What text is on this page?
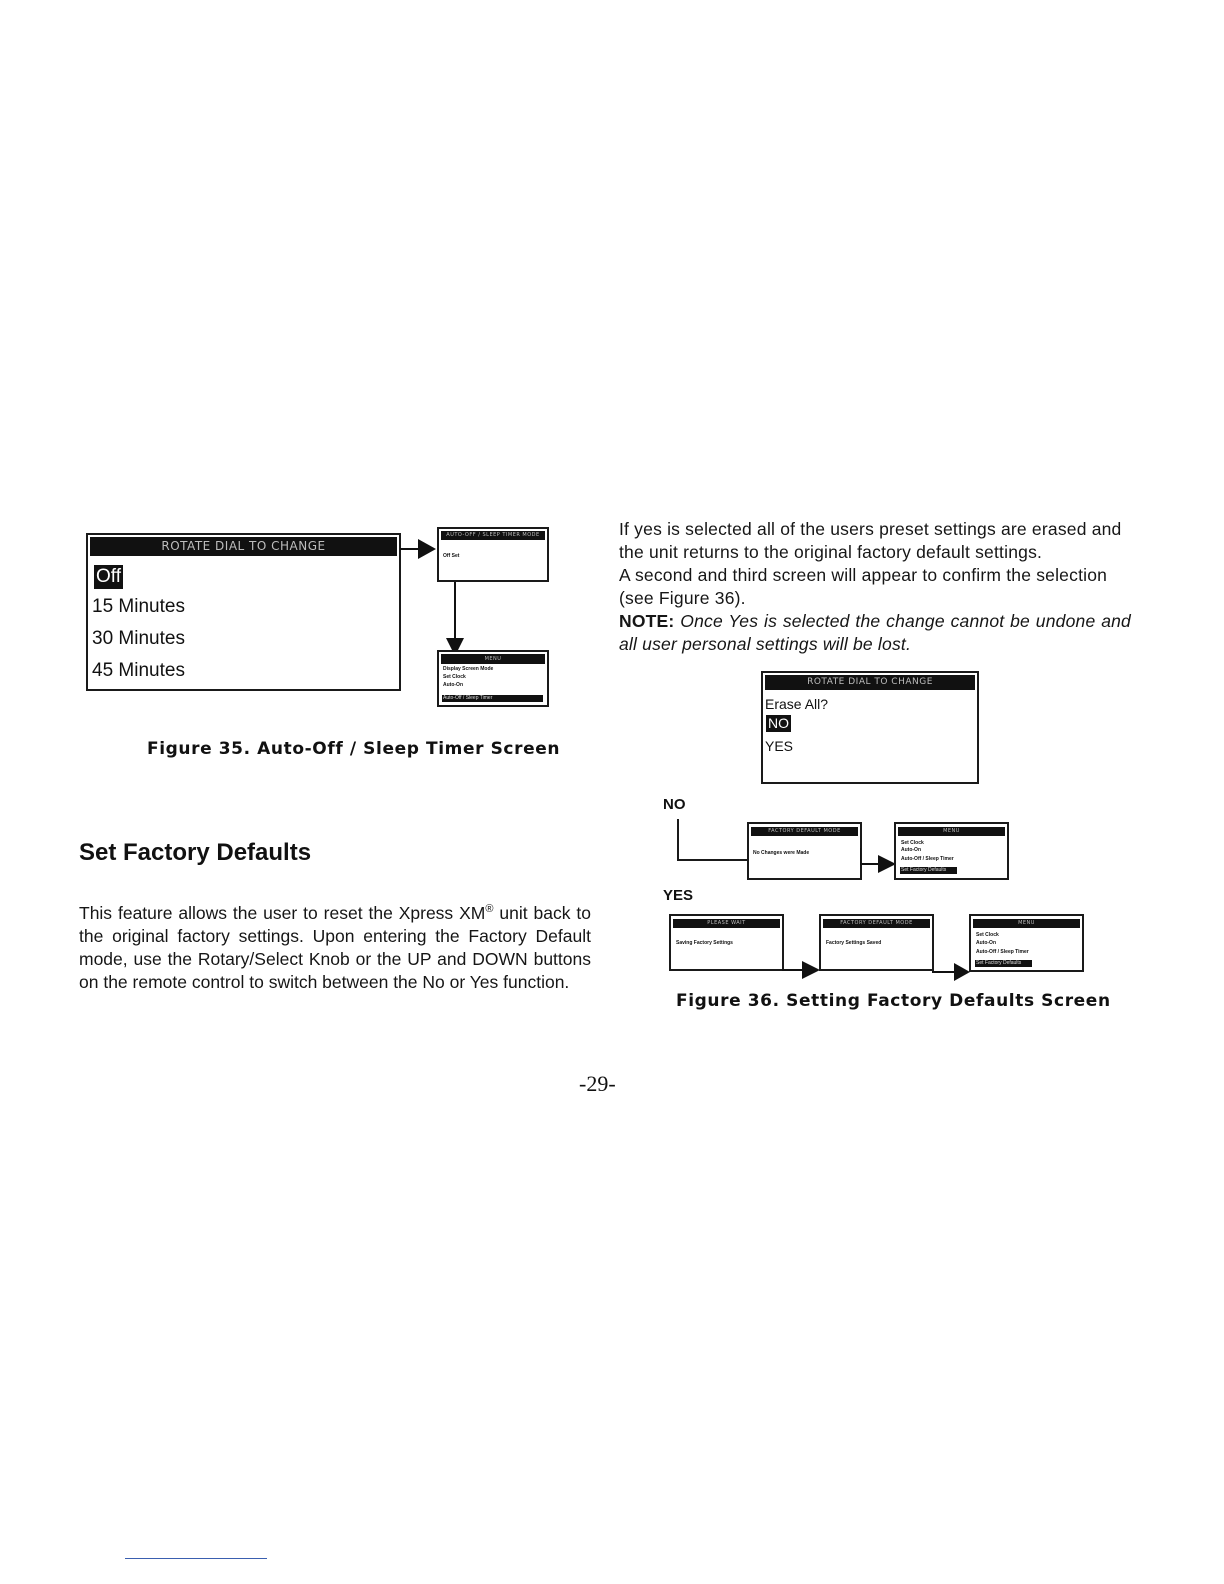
ROTATE DIAL TO CHANGE
Off
15 Minutes
30 Minutes
45 Minutes
AUTO-OFF / SLEEP TIMER MODE
Off Set
MENU
Display Screen Mode
Set Clock
Auto-On
Auto-Off / Sleep Timer
Figure 35. Auto-Off / Sleep Timer Screen
Set Factory Defaults
This feature allows the user to reset the Xpress XM® unit back to the original factory settings. Upon entering the Factory Default mode, use the Rotary/Select Knob or the UP and DOWN buttons on the remote control to switch between the No or Yes function.
If yes is selected all of the users preset settings are erased and the unit returns to the original factory default settings.
A second and third screen will appear to confirm the selection (see Figure 36).
NOTE: Once Yes is selected the change cannot be undone and all user personal settings will be lost.
ROTATE DIAL TO CHANGE
Erase All?
NO
YES
NO
YES
FACTORY DEFAULT MODE
No Changes were Made
MENU
Set Clock
Auto-On
Auto-Off / Sleep Timer
Set Factory Defaults
PLEASE WAIT
Saving Factory Settings
FACTORY DEFAULT MODE
Factory Settings Saved
MENU
Set Clock
Auto-On
Auto-Off / Sleep Timer
Set Factory Defaults
Figure 36. Setting Factory Defaults Screen
-29-
